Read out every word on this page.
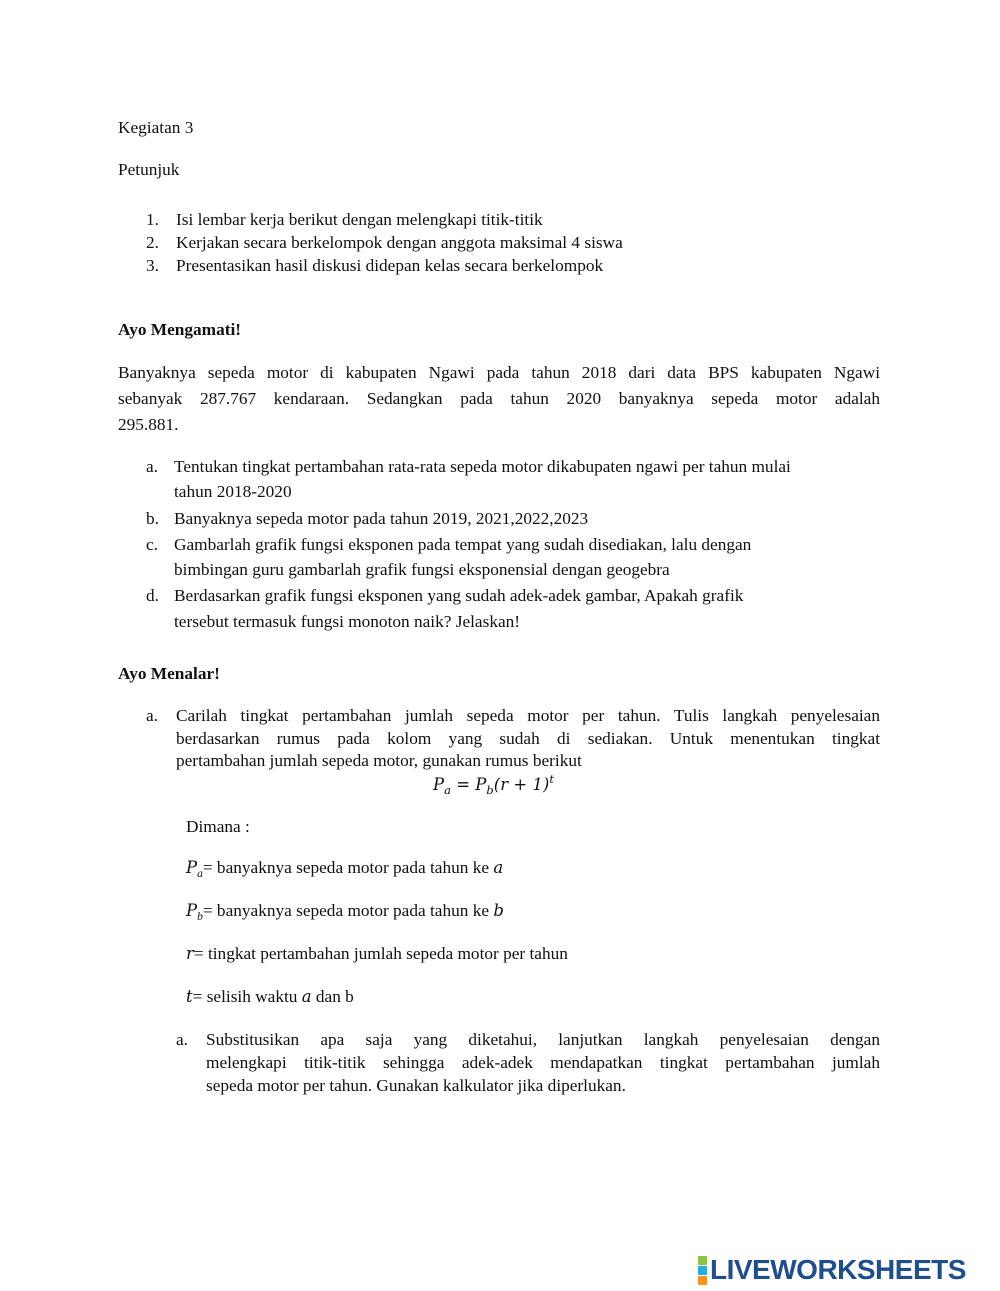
Kegiatan 3
Petunjuk
1. Isi lembar kerja berikut dengan melengkapi titik-titik
2. Kerjakan secara berkelompok dengan anggota maksimal 4 siswa
3. Presentasikan hasil diskusi didepan kelas secara berkelompok
Ayo Mengamati!
Banyaknya sepeda motor di kabupaten Ngawi pada tahun 2018 dari data BPS kabupaten Ngawi
sebanyak 287.767 kendaraan. Sedangkan pada tahun 2020 banyaknya sepeda motor adalah
295.881.
a. Tentukan tingkat pertambahan rata-rata sepeda motor dikabupaten ngawi per tahun mulai
tahun 2018-2020
b. Banyaknya sepeda motor pada tahun 2019, 2021,2022,2023
c. Gambarlah grafik fungsi eksponen pada tempat yang sudah disediakan, lalu dengan
bimbingan guru gambarlah grafik fungsi eksponensial dengan geogebra
d. Berdasarkan grafik fungsi eksponen yang sudah adek-adek gambar, Apakah grafik
tersebut termasuk fungsi monoton naik? Jelaskan!
Ayo Menalar!
a. Carilah tingkat pertambahan jumlah sepeda motor per tahun. Tulis langkah penyelesaian
berdasarkan rumus pada kolom yang sudah di sediakan. Untuk menentukan tingkat
pertambahan jumlah sepeda motor, gunakan rumus berikut
$P_a = P_b(r + 1)^t$
Dimana :
$P_a=$ banyaknya sepeda motor pada tahun ke a
$P_b=$ banyaknya sepeda motor pada tahun ke b
r= tingkat pertambahan jumlah sepeda motor per tahun
t= selisih waktu a dan b
a. Substitusikan apa saja yang diketahui, lanjutkan langkah penyelesaian dengan
melengkapi titik-titik sehingga adek-adek mendapatkan tingkat pertambahan jumlah
sepeda motor per tahun. Gunakan kalkulator jika diperlukan.
LIVEWORKSHEETS
